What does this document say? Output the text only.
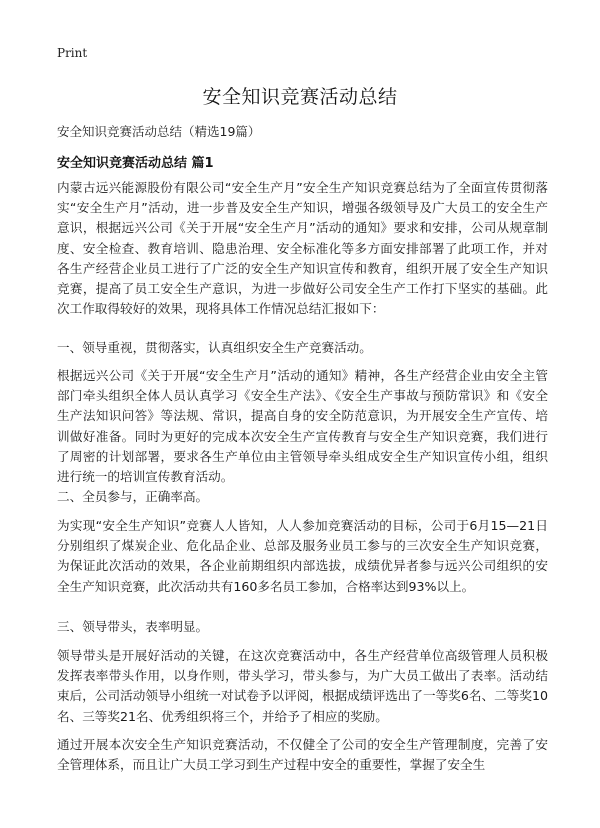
Print
安全知识竞赛活动总结
安全知识竞赛活动总结（精选19篇）
安全知识竞赛活动总结 篇1

内蒙古远兴能源股份有限公司“安全生产月”安全生产知识竞赛总结为了全面宣传贯彻落实“安全生产月”活动，进一步普及安全生产知识，增强各级领导及广大员工的安全生产意识，根据远兴公司《关于开展“安全生产月”活动的通知》要求和安排，公司从规章制度、安全检查、教育培训、隐患治理、安全标准化等多方面安排部署了此项工作，并对各生产经营企业员工进行了广泛的安全生产知识宣传和教育，组织开展了安全生产知识竞赛，提高了员工安全生产意识，为进一步做好公司安全生产工作打下坚实的基础。此次工作取得较好的效果，现将具体工作情况总结汇报如下：

一、领导重视，贯彻落实，认真组织安全生产竞赛活动。

根据远兴公司《关于开展“安全生产月”活动的通知》精神，各生产经营企业由安全主管部门牵头组织全体人员认真学习《安全生产法》、《安全生产事故与预防常识》和《安全生产法知识问答》等法规、常识，提高自身的安全防范意识，为开展安全生产宣传、培训做好准备。同时为更好的完成本次安全生产宣传教育与安全生产知识竞赛，我们进行了周密的计划部署，要求各生产单位由主管领导牵头组成安全生产知识宣传小组，组织进行统一的培训宣传教育活动。

二、全员参与，正确率高。

为实现“安全生产知识”竞赛人人皆知，人人参加竞赛活动的目标，公司于6月15—21日分别组织了煤炭企业、危化品企业、总部及服务业员工参与的三次安全生产知识竞赛，为保证此次活动的效果，各企业前期组织内部选拔，成绩优异者参与远兴公司组织的安全生产知识竞赛，此次活动共有160多名员工参加，合格率达到93%以上。

三、领导带头，表率明显。

领导带头是开展好活动的关键，在这次竞赛活动中，各生产经营单位高级管理人员积极发挥表率带头作用，以身作则，带头学习，带头参与，为广大员工做出了表率。活动结束后，公司活动领导小组统一对试卷予以评阅，根据成绩评选出了一等奖6名、二等奖10名、三等奖21名、优秀组织将三个，并给予了相应的奖励。

通过开展本次安全生产知识竞赛活动，不仅健全了公司的安全生产管理制度，完善了安全管理体系，而且让广大员工学习到生产过程中安全的重要性，掌握了安全生
